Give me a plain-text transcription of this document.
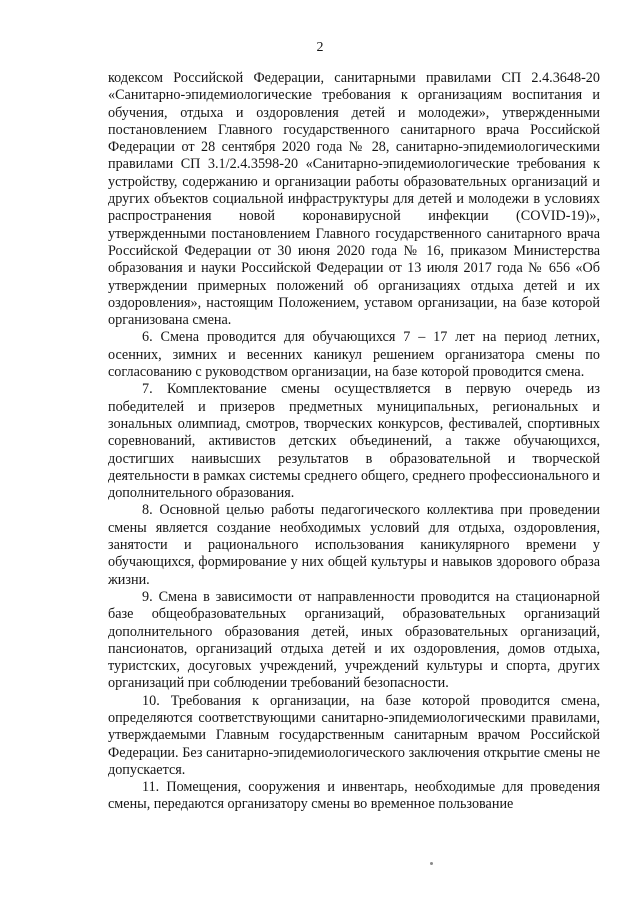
2

кодексом Российской Федерации, санитарными правилами СП 2.4.3648-20 «Санитарно-эпидемиологические требования к организациям воспитания и обучения, отдыха и оздоровления детей и молодежи», утвержденными постановлением Главного государственного санитарного врача Российской Федерации от 28 сентября 2020 года № 28, санитарно-эпидемиологическими правилами СП 3.1/2.4.3598-20 «Санитарно-эпидемиологические требования к устройству, содержанию и организации работы образовательных организаций и других объектов социальной инфраструктуры для детей и молодежи в условиях распространения новой коронавирусной инфекции (COVID-19)», утвержденными постановлением Главного государственного санитарного врача Российской Федерации от 30 июня 2020 года № 16, приказом Министерства образования и науки Российской Федерации от 13 июля 2017 года № 656 «Об утверждении примерных положений об организациях отдыха детей и их оздоровления», настоящим Положением, уставом организации, на базе которой организована смена.

6. Смена проводится для обучающихся 7 – 17 лет на период летних, осенних, зимних и весенних каникул решением организатора смены по согласованию с руководством организации, на базе которой проводится смена.

7. Комплектование смены осуществляется в первую очередь из победителей и призеров предметных муниципальных, региональных и зональных олимпиад, смотров, творческих конкурсов, фестивалей, спортивных соревнований, активистов детских объединений, а также обучающихся, достигших наивысших результатов в образовательной и творческой деятельности в рамках системы среднего общего, среднего профессионального и дополнительного образования.

8. Основной целью работы педагогического коллектива при проведении смены является создание необходимых условий для отдыха, оздоровления, занятости и рационального использования каникулярного времени у обучающихся, формирование у них общей культуры и навыков здорового образа жизни.

9. Смена в зависимости от направленности проводится на стационарной базе общеобразовательных организаций, образовательных организаций дополнительного образования детей, иных образовательных организаций, пансионатов, организаций отдыха детей и их оздоровления, домов отдыха, туристских, досуговых учреждений, учреждений культуры и спорта, других организаций при соблюдении требований безопасности.

10. Требования к организации, на базе которой проводится смена, определяются соответствующими санитарно-эпидемиологическими правилами, утверждаемыми Главным государственным санитарным врачом Российской Федерации. Без санитарно-эпидемиологического заключения открытие смены не допускается.

11. Помещения, сооружения и инвентарь, необходимые для проведения смены, передаются организатору смены во временное пользование
